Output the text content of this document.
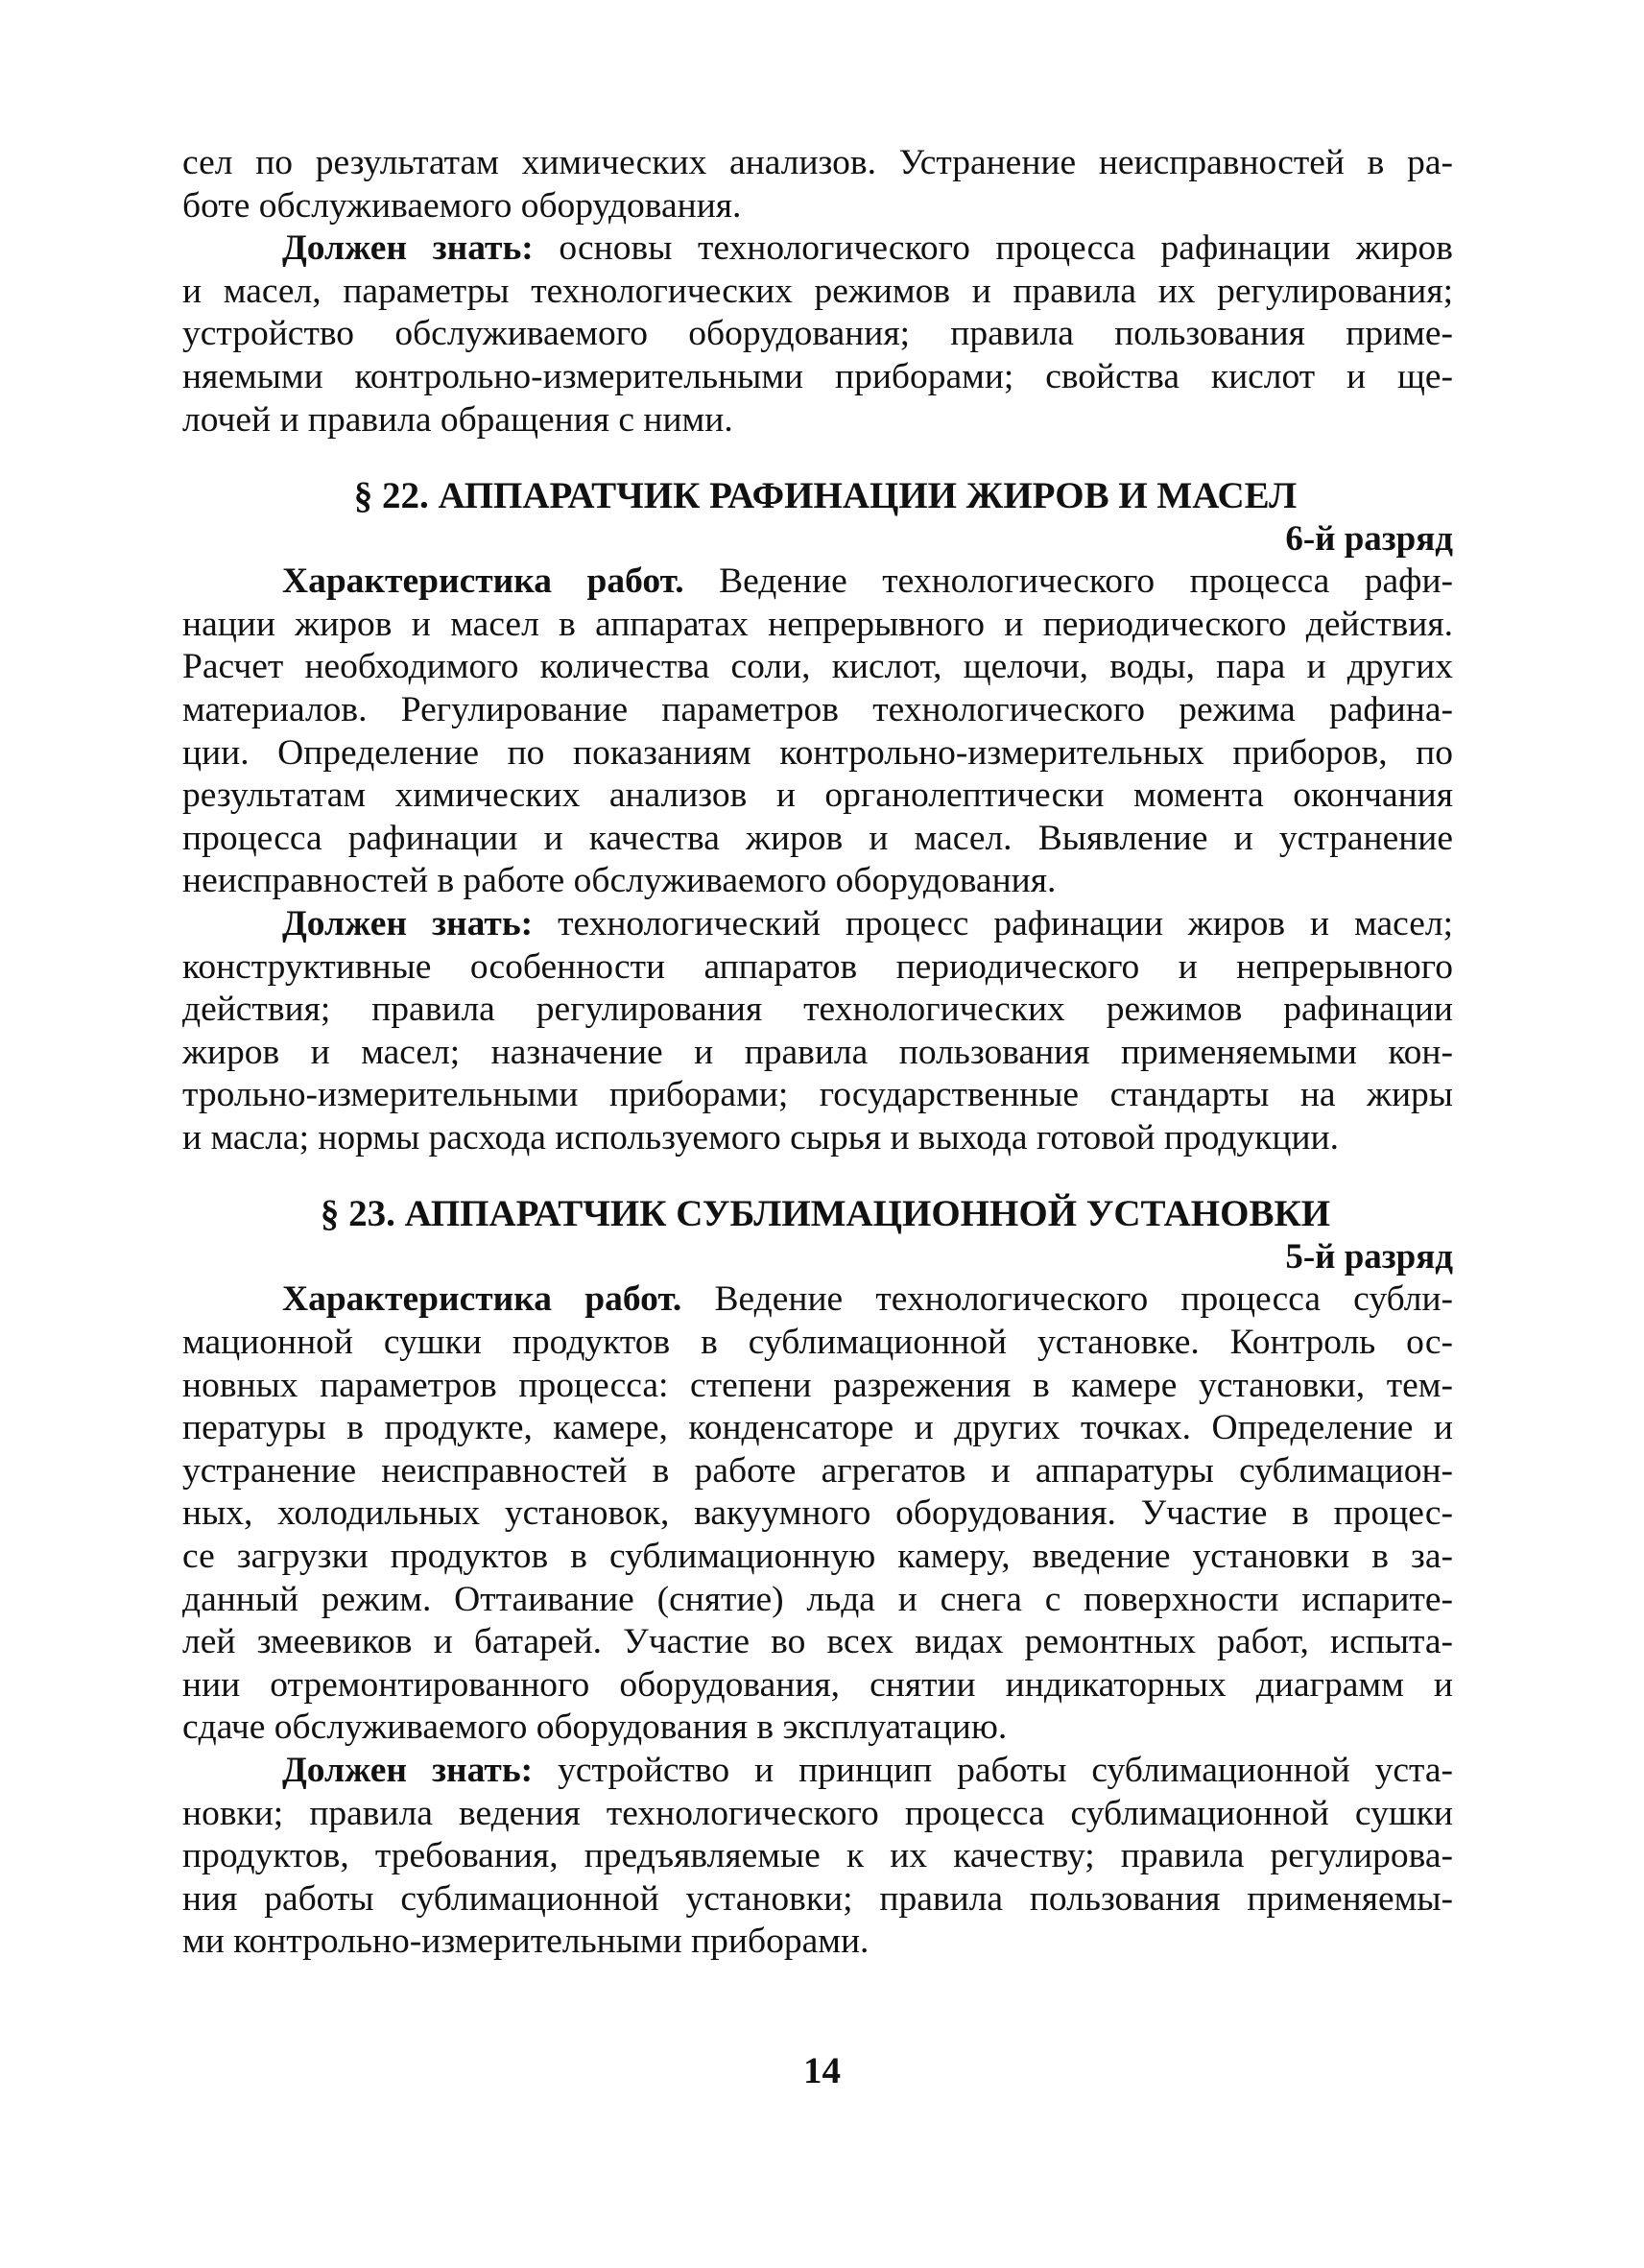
сел по результатам химических анализов. Устранение неисправностей в ра-
боте обслуживаемого оборудования.
Должен знать: основы технологического процесса рафинации жиров
и масел, параметры технологических режимов и правила их регулирования;
устройство обслуживаемого оборудования; правила пользования приме-
няемыми контрольно-измерительными приборами; свойства кислот и ще-
лочей и правила обращения с ними.
§ 22. АППАРАТЧИК РАФИНАЦИИ ЖИРОВ И МАСЕЛ
6-й разряд
Характеристика работ. Ведение технологического процесса рафи-
нации жиров и масел в аппаратах непрерывного и периодического действия.
Расчет необходимого количества соли, кислот, щелочи, воды, пара и других
материалов. Регулирование параметров технологического режима рафина-
ции. Определение по показаниям контрольно-измерительных приборов, по
результатам химических анализов и органолептически момента окончания
процесса рафинации и качества жиров и масел. Выявление и устранение
неисправностей в работе обслуживаемого оборудования.
Должен знать: технологический процесс рафинации жиров и масел;
конструктивные особенности аппаратов периодического и непрерывного
действия; правила регулирования технологических режимов рафинации
жиров и масел; назначение и правила пользования применяемыми кон-
трольно-измерительными приборами; государственные стандарты на жиры
и масла; нормы расхода используемого сырья и выхода готовой продукции.
§ 23. АППАРАТЧИК СУБЛИМАЦИОННОЙ УСТАНОВКИ
5-й разряд
Характеристика работ. Ведение технологического процесса субли-
мационной сушки продуктов в сублимационной установке. Контроль ос-
новных параметров процесса: степени разрежения в камере установки, тем-
пературы в продукте, камере, конденсаторе и других точках. Определение и
устранение неисправностей в работе агрегатов и аппаратуры сублимацион-
ных, холодильных установок, вакуумного оборудования. Участие в процес-
се загрузки продуктов в сублимационную камеру, введение установки в за-
данный режим. Оттаивание (снятие) льда и снега с поверхности испарите-
лей змеевиков и батарей. Участие во всех видах ремонтных работ, испыта-
нии отремонтированного оборудования, снятии индикаторных диаграмм и
сдаче обслуживаемого оборудования в эксплуатацию.
Должен знать: устройство и принцип работы сублимационной уста-
новки; правила ведения технологического процесса сублимационной сушки
продуктов, требования, предъявляемые к их качеству; правила регулирова-
ния работы сублимационной установки; правила пользования применяемы-
ми контрольно-измерительными приборами.
14
